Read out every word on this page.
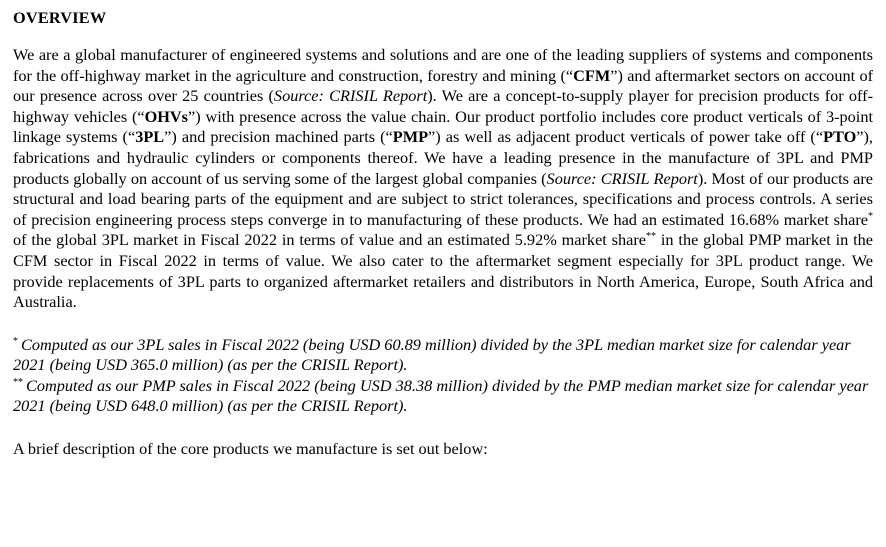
OVERVIEW

We are a global manufacturer of engineered systems and solutions and are one of the leading suppliers of systems and components for the off-highway market in the agriculture and construction, forestry and mining (“CFM”) and aftermarket sectors on account of our presence across over 25 countries (Source: CRISIL Report). We are a concept-to-supply player for precision products for off-highway vehicles (“OHVs”) with presence across the value chain. Our product portfolio includes core product verticals of 3-point linkage systems (“3PL”) and precision machined parts (“PMP”) as well as adjacent product verticals of power take off (“PTO”), fabrications and hydraulic cylinders or components thereof. We have a leading presence in the manufacture of 3PL and PMP products globally on account of us serving some of the largest global companies (Source: CRISIL Report). Most of our products are structural and load bearing parts of the equipment and are subject to strict tolerances, specifications and process controls. A series of precision engineering process steps converge in to manufacturing of these products. We had an estimated 16.68% market share* of the global 3PL market in Fiscal 2022 in terms of value and an estimated 5.92% market share** in the global PMP market in the CFM sector in Fiscal 2022 in terms of value. We also cater to the aftermarket segment especially for 3PL product range. We provide replacements of 3PL parts to organized aftermarket retailers and distributors in North America, Europe, South Africa and Australia.

* Computed as our 3PL sales in Fiscal 2022 (being USD 60.89 million) divided by the 3PL median market size for calendar year 2021 (being USD 365.0 million) (as per the CRISIL Report).

** Computed as our PMP sales in Fiscal 2022 (being USD 38.38 million) divided by the PMP median market size for calendar year 2021 (being USD 648.0 million) (as per the CRISIL Report).

A brief description of the core products we manufacture is set out below:
